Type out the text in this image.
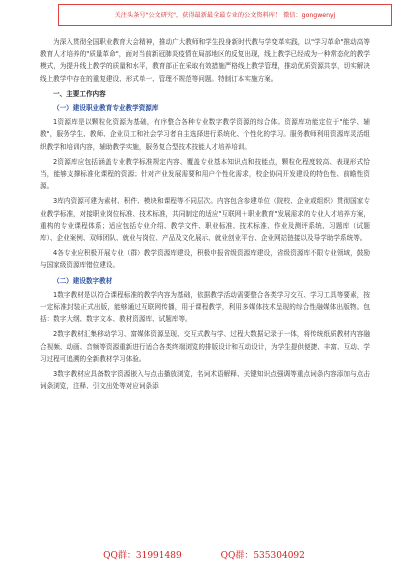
关注头条号"公文研究"，获得最新最全最专业的公文资料库！ 微信：gongwenyj

为深入贯彻全国职业教育大会精神，推动广大教师和学生投身新时代教与学变革实践，以"学习革命"推动高等教育人才培养的"质量革命"，面对当前新冠肺炎疫情在局部地区的反复出现，线上教学已经成为一种常态化的教学模式，为提升线上教学的质量和水平，教育部正在采取有效措施严格线上教学管理，推动优质资源共享，切实解决线上教学中存在的重复建设、形式单一、管理不规范等问题。特制订本实施方案。

一、主要工作内容

（一）建设职业教育专业教学资源库

1资源库是以颗粒化资源为基础，有序整合各种专业数字教学资源的综合体。资源库功能定位于"能学、辅教"，服务学生、教师、企业员工和社会学习者自主选择进行系统化、个性化的学习。服务教师利用资源库灵活组织教学和培训内容，辅助教学实施，服务复合型技术技能人才培养培训。

2资源库应包括涵盖专业教学标准规定内容、覆盖专业基本知识点和技能点，颗粒化程度较高、表现形式恰当，能够支撑标准化课程的资源；针对产业发展需要和用户个性化需求，校企协同开发建设的特色性、前瞻性资源。

3库内资源可建为素材、积件、模块和课程等不同层次。内容包含参建单位（院校、企业或组织）贯彻国家专业教学标准，对接职业岗位标准、技术标准，共同制定的适应"互联网＋职业教育"发展需求的专业人才培养方案，重构的专业课程体系；适应包括专业介绍、教学文件、职业标准、技术标准、作业及测评系统、习题库（试题库）、企业案例、双师团队、就业与岗位、产品及文化展示、就业创业平台、企业网站链接以及导学助学系统等。

4各专业应积极开展专业（群）教学资源库建设，积极申报省级资源库建设，省级资源库不限专业领域，鼓励与国家级资源库错位建设。

（二）建设数字教材

1数字教材是以符合课程标准的教学内容为基础，依据教学活动需要整合各类学习交互、学习工具等要素，按一定标准封装正式出版，能够通过互联网传播，用于课程教学，利用多媒体技术呈现的综合性融媒体出版物。包括：数字大纲、数字文本、教材资源库、试题库等。

2数字教材汇集移动学习、富媒体资源呈现、交互式教与学、过程大数据记录于一体，将传统纸质教材内容融合视频、动画、音频等资源重新进行适合各类终端浏览的排版设计和互动设计，为学生提供便捷、丰富、互动、学习过程可追溯的全新教材学习体验。

3数字教材应具备数字资源嵌入与点击播放浏览，名词术语解释、关键知识点强调等重点词条内容添加与点击词条浏览，注释、引文出处等对应词条添

QQ群：31991489	QQ群：535304092
